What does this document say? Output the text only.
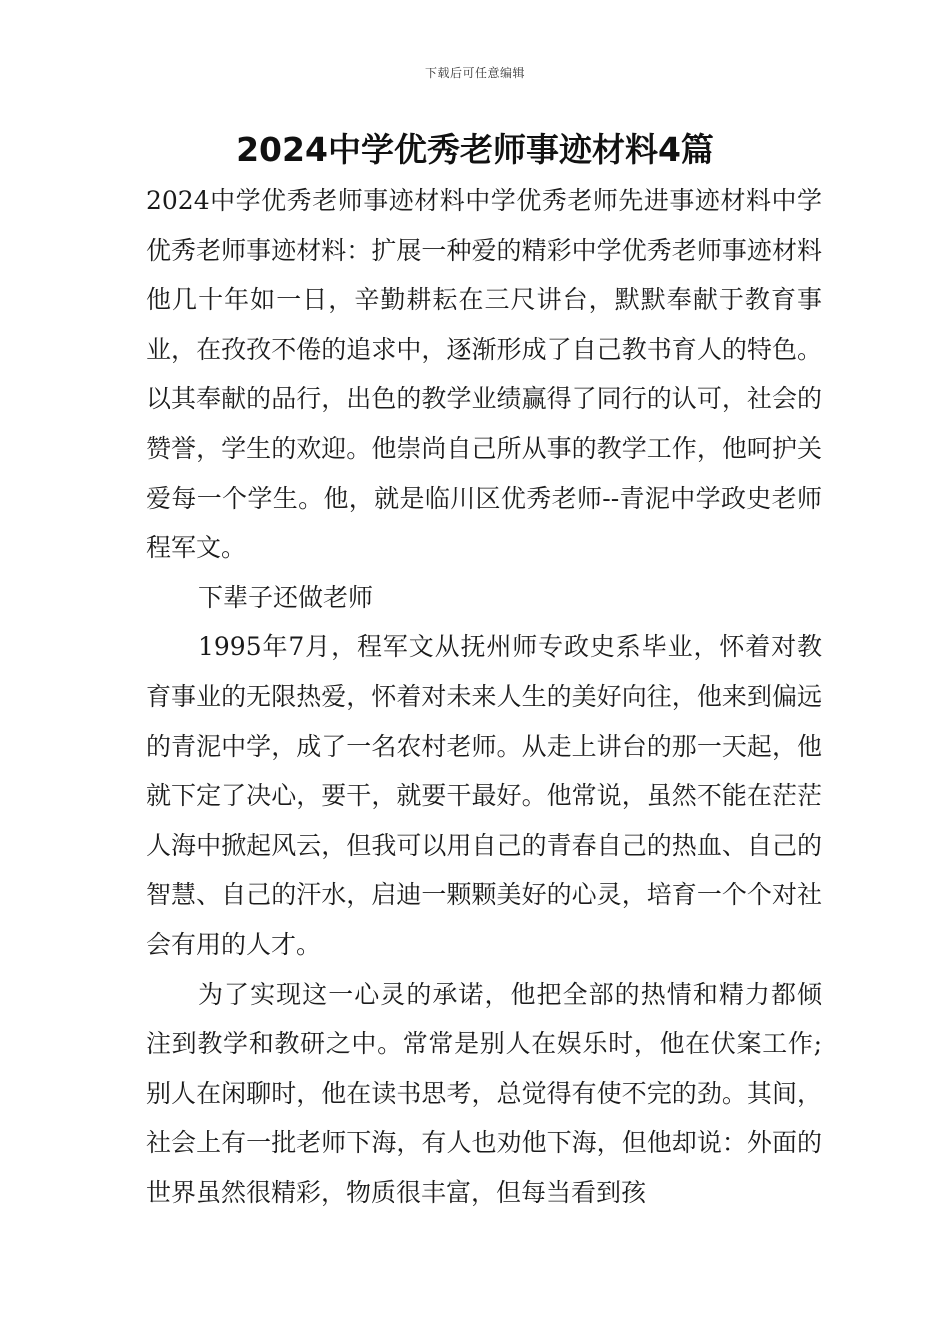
下载后可任意编辑
2024中学优秀老师事迹材料4篇

2024中学优秀老师事迹材料中学优秀老师先进事迹材料中学优秀老师事迹材料：扩展一种爱的精彩中学优秀老师事迹材料　　他几十年如一日，辛勤耕耘在三尺讲台，默默奉献于教育事业，在孜孜不倦的追求中，逐渐形成了自己教书育人的特色。以其奉献的品行，出色的教学业绩赢得了同行的认可，社会的赞誉，学生的欢迎。他崇尚自己所从事的教学工作，他呵护关爱每一个学生。他，就是临川区优秀老师--青泥中学政史老师程军文。

下辈子还做老师

1995年7月，程军文从抚州师专政史系毕业，怀着对教育事业的无限热爱，怀着对未来人生的美好向往，他来到偏远的青泥中学，成了一名农村老师。从走上讲台的那一天起，他就下定了决心，要干，就要干最好。他常说，虽然不能在茫茫人海中掀起风云，但我可以用自己的青春自己的热血、自己的智慧、自己的汗水，启迪一颗颗美好的心灵，培育一个个对社会有用的人才。

为了实现这一心灵的承诺，他把全部的热情和精力都倾注到教学和教研之中。常常是别人在娱乐时，他在伏案工作;别人在闲聊时，他在读书思考，总觉得有使不完的劲。其间，社会上有一批老师下海，有人也劝他下海，但他却说：外面的世界虽然很精彩，物质很丰富，但每当看到孩
